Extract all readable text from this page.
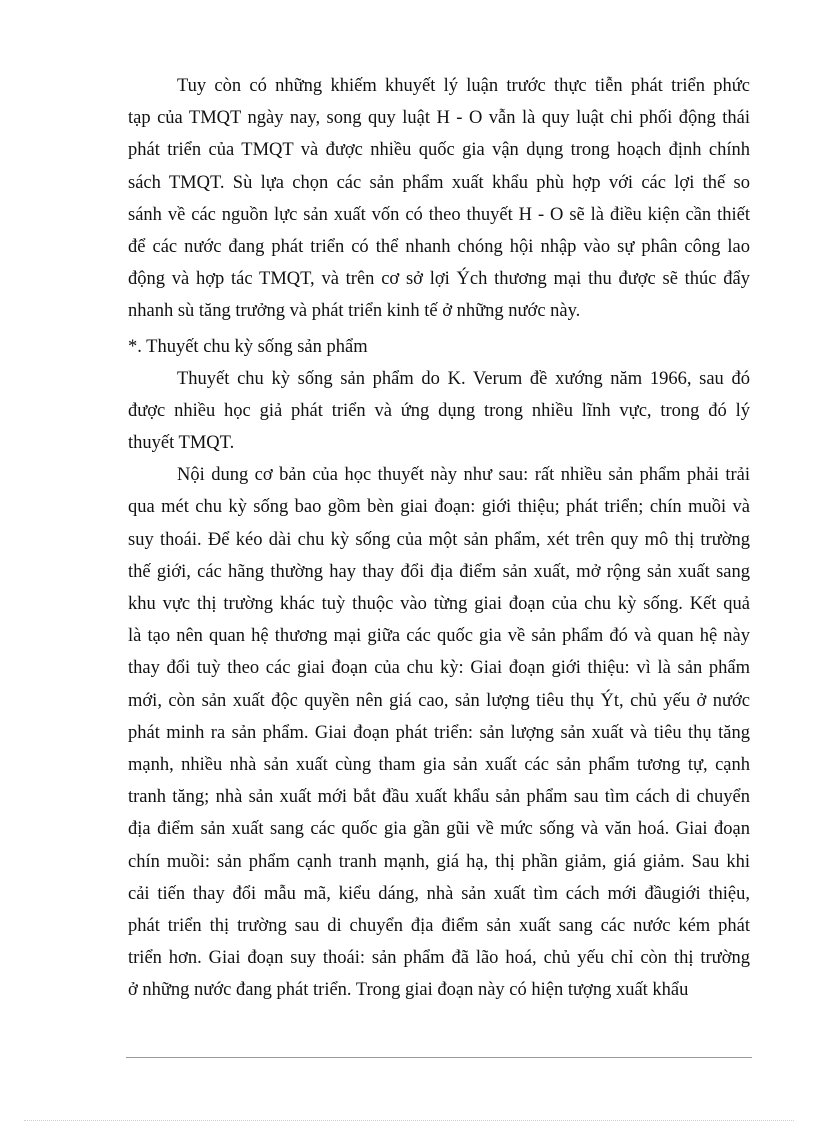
Tuy còn có những khiếm khuyết lý luận trước thực tiễn phát triển phức
tạp của TMQT ngày nay, song quy luật H - O vẫn là quy luật chi phối động thái
phát triển của TMQT và được nhiều quốc gia vận dụng trong hoạch định chính
sách TMQT. Sù lựa chọn các sản phẩm xuất khẩu phù hợp với các lợi thế so
sánh về các nguồn lực sản xuất vốn có theo thuyết H - O sẽ là điều kiện cần thiết
để các nước đang phát triển có thể nhanh chóng hội nhập vào sự phân công lao
động và hợp tác TMQT, và trên cơ sở lợi Ých thương mại thu được sẽ thúc đẩy
nhanh sù tăng trưởng và phát triển kinh tế ở những nước này.
*. Thuyết chu kỳ sống sản phẩm
Thuyết chu kỳ sống sản phẩm do K. Verum đề xướng năm 1966, sau đó
được nhiều học giả phát triển và ứng dụng trong nhiều lĩnh vực, trong đó lý
thuyết TMQT.
Nội dung cơ bản của học thuyết này như sau: rất nhiều sản phẩm phải trải
qua mét chu kỳ sống bao gồm bèn giai đoạn: giới thiệu; phát triển; chín muồi và
suy thoái. Để kéo dài chu kỳ sống của một sản phẩm, xét trên quy mô thị trường
thế giới, các hãng thường hay thay đổi địa điểm sản xuất, mở rộng sản xuất sang
khu vực thị trường khác tuỳ thuộc vào từng giai đoạn của chu kỳ sống. Kết quả
là tạo nên quan hệ thương mại giữa các quốc gia về sản phẩm đó và quan hệ này
thay đổi tuỳ theo các giai đoạn của chu kỳ: Giai đoạn giới thiệu: vì là sản phẩm
mới, còn sản xuất độc quyền nên giá cao, sản lượng tiêu thụ Ýt, chủ yếu ở nước
phát minh ra sản phẩm. Giai đoạn phát triển: sản lượng sản xuất và tiêu thụ tăng
mạnh, nhiều nhà sản xuất cùng tham gia sản xuất các sản phẩm tương tự, cạnh
tranh tăng; nhà sản xuất mới bắt đầu xuất khẩu sản phẩm sau tìm cách di chuyển
địa điểm sản xuất sang các quốc gia gần gũi về mức sống và văn hoá. Giai đoạn
chín muồi: sản phẩm cạnh tranh mạnh, giá hạ, thị phần giảm, giá giảm. Sau khi
cải tiến thay đổi mẫu mã, kiểu dáng, nhà sản xuất tìm cách mới đầugiới thiệu,
phát triển thị trường sau di chuyển địa điểm sản xuất sang các nước kém phát
triển hơn. Giai đoạn suy thoái: sản phẩm đã lão hoá, chủ yếu chỉ còn thị trường
ở những nước đang phát triển. Trong giai đoạn này có hiện tượng xuất khẩu
